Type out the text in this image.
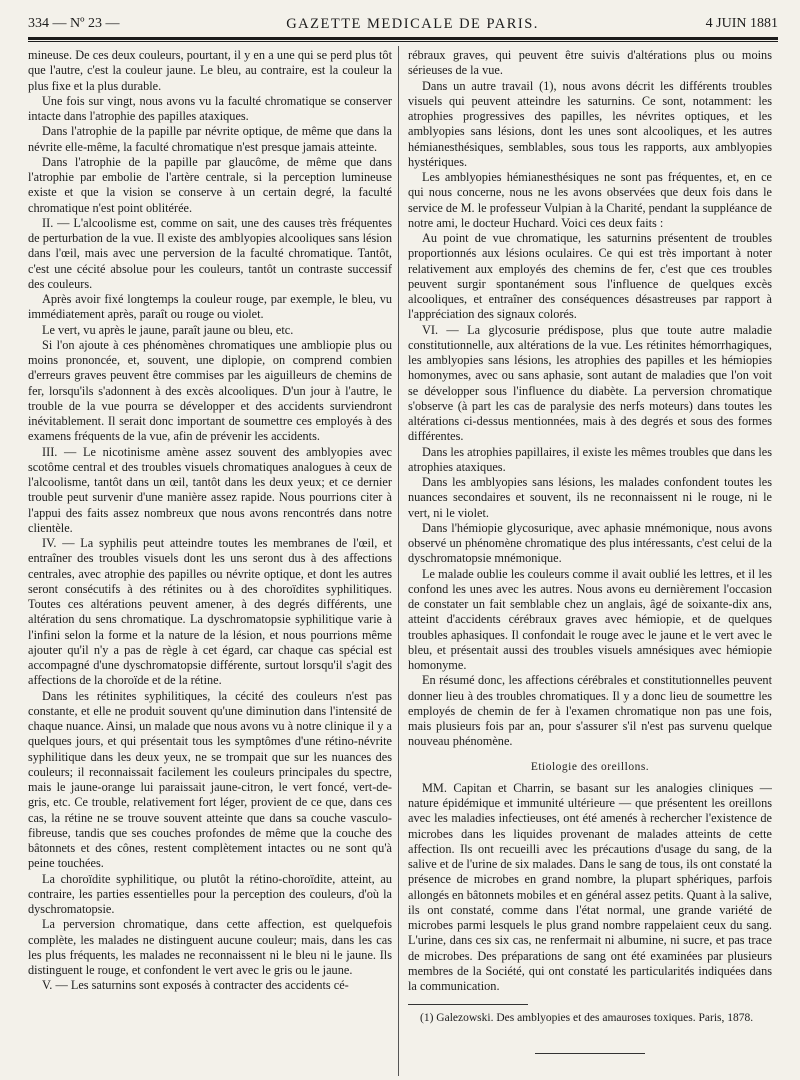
334 — Nº 23 —	GAZETTE MEDICALE DE PARIS.	4 JUIN 1881

mineuse. De ces deux couleurs, pourtant, il y en a une qui se perd plus tôt que l'autre, c'est la couleur jaune. Le bleu, au contraire, est la couleur la plus fixe et la plus durable.

Une fois sur vingt, nous avons vu la faculté chromatique se conserver intacte dans l'atrophie des papilles ataxiques.

Dans l'atrophie de la papille par névrite optique, de même que dans la névrite elle-même, la faculté chromatique n'est presque jamais atteinte.

Dans l'atrophie de la papille par glaucôme, de même que dans l'atrophie par embolie de l'artère centrale, si la perception lumineuse existe et que la vision se conserve à un certain degré, la faculté chromatique n'est point oblitérée.

II. — L'alcoolisme est, comme on sait, une des causes très fréquentes de perturbation de la vue. Il existe des amblyopies alcooliques sans lésion dans l'œil, mais avec une perversion de la faculté chromatique. Tantôt, c'est une cécité absolue pour les couleurs, tantôt un contraste successif des couleurs.

Après avoir fixé longtemps la couleur rouge, par exemple, le bleu, vu immédiatement après, paraît ou rouge ou violet.

Le vert, vu après le jaune, paraît jaune ou bleu, etc.

Si l'on ajoute à ces phénomènes chromatiques une ambliopie plus ou moins prononcée, et, souvent, une diplopie, on comprend combien d'erreurs graves peuvent être commises par les aiguilleurs de chemins de fer, lorsqu'ils s'adonnent à des excès alcooliques. D'un jour à l'autre, le trouble de la vue pourra se développer et des accidents surviendront inévitablement. Il serait donc important de soumettre ces employés à des examens fréquents de la vue, afin de prévenir les accidents.

III. — Le nicotinisme amène assez souvent des amblyopies avec scotôme central et des troubles visuels chromatiques analogues à ceux de l'alcoolisme, tantôt dans un œil, tantôt dans les deux yeux; et ce dernier trouble peut survenir d'une manière assez rapide. Nous pourrions citer à l'appui des faits assez nombreux que nous avons rencontrés dans notre clientèle.

IV. — La syphilis peut atteindre toutes les membranes de l'œil, et entraîner des troubles visuels dont les uns seront dus à des affections centrales, avec atrophie des papilles ou névrite optique, et dont les autres seront consécutifs à des rétinites ou à des choroïdites syphilitiques. Toutes ces altérations peuvent amener, à des degrés différents, une altération du sens chromatique. La dyschromatopsie syphilitique varie à l'infini selon la forme et la nature de la lésion, et nous pourrions même ajouter qu'il n'y a pas de règle à cet égard, car chaque cas spécial est accompagné d'une dyschromatopsie différente, surtout lorsqu'il s'agit des affections de la choroïde et de la rétine.

Dans les rétinites syphilitiques, la cécité des couleurs n'est pas constante, et elle ne produit souvent qu'une diminution dans l'intensité de chaque nuance. Ainsi, un malade que nous avons vu à notre clinique il y a quelques jours, et qui présentait tous les symptômes d'une rétino-névrite syphilitique dans les deux yeux, ne se trompait que sur les nuances des couleurs; il reconnaissait facilement les couleurs principales du spectre, mais le jaune-orange lui paraissait jaune-citron, le vert foncé, vert-de-gris, etc. Ce trouble, relativement fort léger, provient de ce que, dans ces cas, la rétine ne se trouve souvent atteinte que dans sa couche vasculo-fibreuse, tandis que ses couches profondes de même que la couche des bâtonnets et des cônes, restent complètement intactes ou ne sont qu'à peine touchées.

La choroïdite syphilitique, ou plutôt la rétino-choroïdite, atteint, au contraire, les parties essentielles pour la perception des couleurs, d'où la dyschromatopsie.

La perversion chromatique, dans cette affection, est quelquefois complète, les malades ne distinguent aucune couleur; mais, dans les cas les plus fréquents, les malades ne reconnaissent ni le bleu ni le jaune. Ils distinguent le rouge, et confondent le vert avec le gris ou le jaune.

V. — Les saturnins sont exposés à contracter des accidents cé-

rébraux graves, qui peuvent être suivis d'altérations plus ou moins sérieuses de la vue.

Dans un autre travail (1), nous avons décrit les différents troubles visuels qui peuvent atteindre les saturnins. Ce sont, notamment: les atrophies progressives des papilles, les névrites optiques, et les amblyopies sans lésions, dont les unes sont alcooliques, et les autres hémianesthésiques, semblables, sous tous les rapports, aux amblyopies hystériques.

Les amblyopies hémianesthésiques ne sont pas fréquentes, et, en ce qui nous concerne, nous ne les avons observées que deux fois dans le service de M. le professeur Vulpian à la Charité, pendant la suppléance de notre ami, le docteur Huchard. Voici ces deux faits :

Au point de vue chromatique, les saturnins présentent de troubles proportionnés aux lésions oculaires. Ce qui est très important à noter relativement aux employés des chemins de fer, c'est que ces troubles peuvent surgir spontanément sous l'influence de quelques excès alcooliques, et entraîner des conséquences désastreuses par rapport à l'appréciation des signaux colorés.

VI. — La glycosurie prédispose, plus que toute autre maladie constitutionnelle, aux altérations de la vue. Les rétinites hémorrhagiques, les amblyopies sans lésions, les atrophies des papilles et les hémiopies homonymes, avec ou sans aphasie, sont autant de maladies que l'on voit se développer sous l'influence du diabète. La perversion chromatique s'observe (à part les cas de paralysie des nerfs moteurs) dans toutes les altérations ci-dessus mentionnées, mais à des degrés et sous des formes différentes.

Dans les atrophies papillaires, il existe les mêmes troubles que dans les atrophies ataxiques.

Dans les amblyopies sans lésions, les malades confondent toutes les nuances secondaires et souvent, ils ne reconnaissent ni le rouge, ni le vert, ni le violet.

Dans l'hémiopie glycosurique, avec aphasie mnémonique, nous avons observé un phénomène chromatique des plus intéressants, c'est celui de la dyschromatopsie mnémonique.

Le malade oublie les couleurs comme il avait oublié les lettres, et il les confond les unes avec les autres. Nous avons eu dernièrement l'occasion de constater un fait semblable chez un anglais, âgé de soixante-dix ans, atteint d'accidents cérébraux graves avec hémiopie, et de quelques troubles aphasiques. Il confondait le rouge avec le jaune et le vert avec le bleu, et présentait aussi des troubles visuels amnésiques avec hémiopie homonyme.

En résumé donc, les affections cérébrales et constitutionnelles peuvent donner lieu à des troubles chromatiques. Il y a donc lieu de soumettre les employés de chemin de fer à l'examen chromatique non pas une fois, mais plusieurs fois par an, pour s'assurer s'il n'est pas survenu quelque nouveau phénomène.

Etiologie des oreillons.

MM. Capitan et Charrin, se basant sur les analogies cliniques — nature épidémique et immunité ultérieure — que présentent les oreillons avec les maladies infectieuses, ont été amenés à rechercher l'existence de microbes dans les liquides provenant de malades atteints de cette affection. Ils ont recueilli avec les précautions d'usage du sang, de la salive et de l'urine de six malades. Dans le sang de tous, ils ont constaté la présence de microbes en grand nombre, la plupart sphériques, parfois allongés en bâtonnets mobiles et en général assez petits. Quant à la salive, ils ont constaté, comme dans l'état normal, une grande variété de microbes parmi lesquels le plus grand nombre rappelaient ceux du sang. L'urine, dans ces six cas, ne renfermait ni albumine, ni sucre, et pas trace de microbes. Des préparations de sang ont été examinées par plusieurs membres de la Société, qui ont constaté les particularités indiquées dans la communication.

(1) Galezowski. Des amblyopies et des amauroses toxiques. Paris, 1878.
